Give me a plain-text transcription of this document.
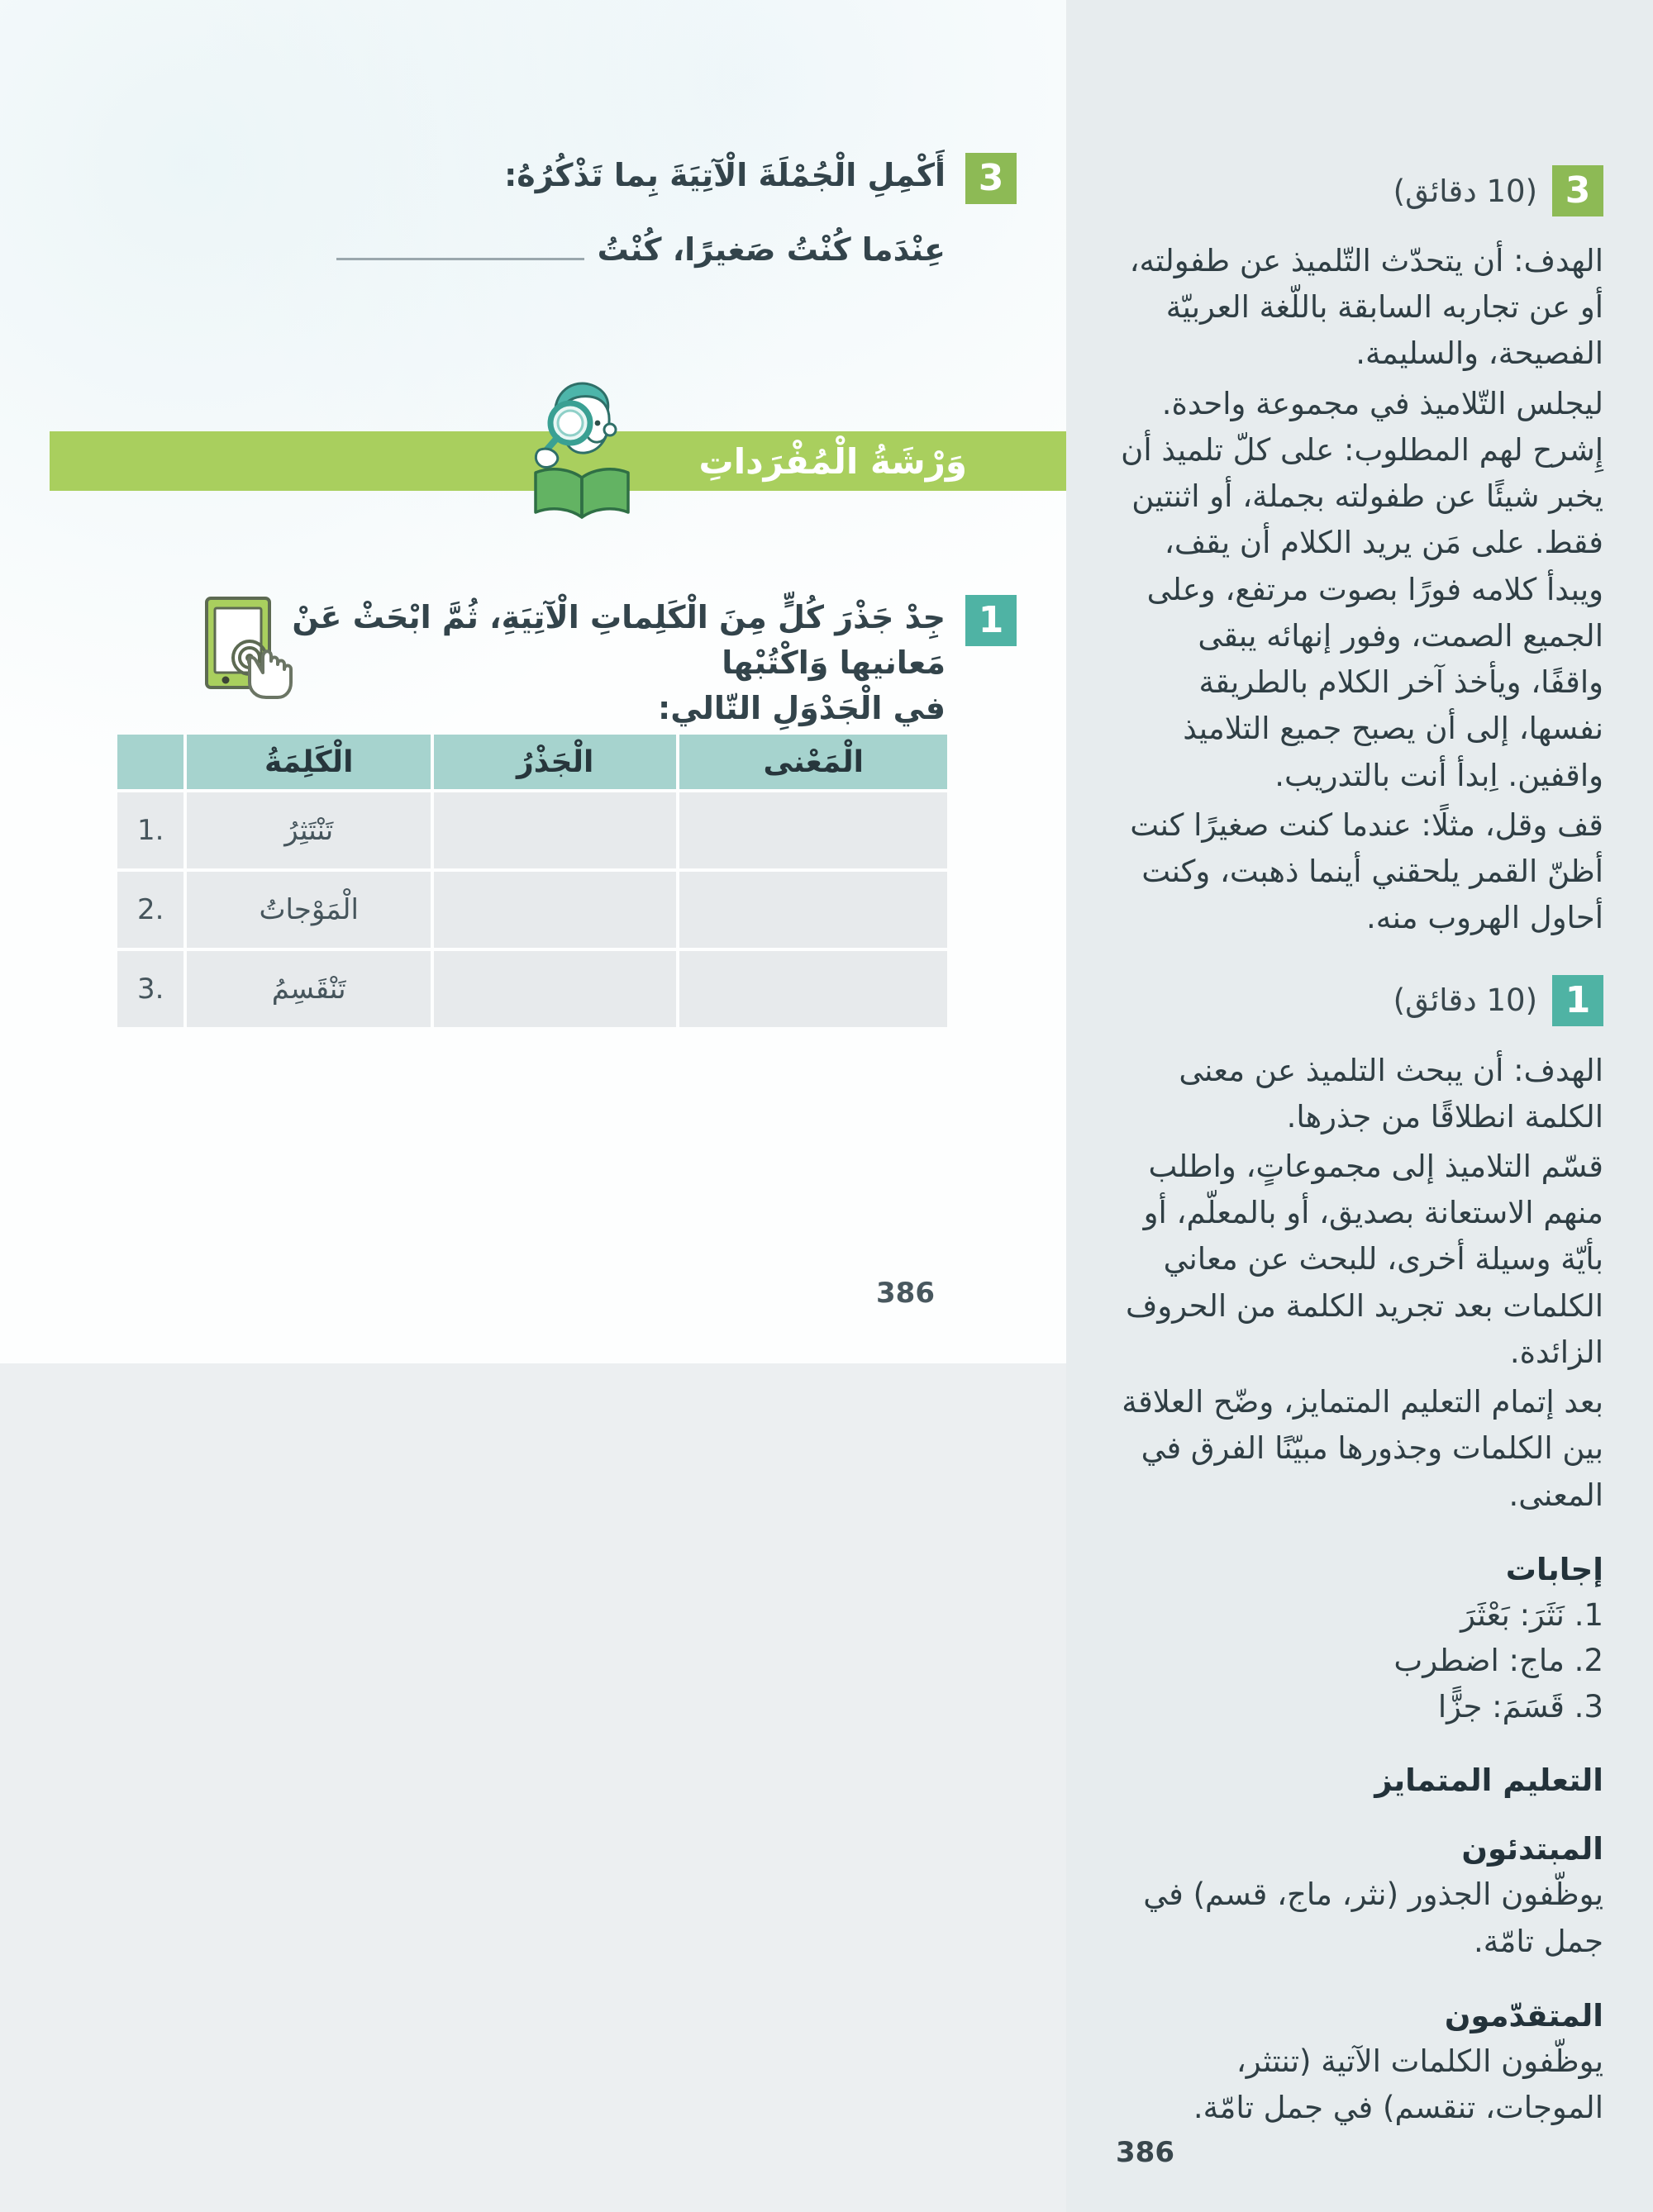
3
(10 دقائق)

الهدف: أن يتحدّث التّلميذ عن طفولته، أو عن تجاربه السابقة باللّغة العربيّة الفصيحة، والسليمة.

ليجلس التّلاميذ في مجموعة واحدة. إِشرح لهم المطلوب: على كلّ تلميذ أن يخبر شيئًا عن طفولته بجملة، أو اثنتين فقط. على مَن يريد الكلام أن يقف، ويبدأ كلامه فورًا بصوت مرتفع، وعلى الجميع الصمت، وفور إنهائه يبقى واقفًا، ويأخذ آخر الكلام بالطريقة نفسها، إلى أن يصبح جميع التلاميذ واقفين. اِبدأ أنت بالتدريب.

قف وقل، مثلًا: عندما كنت صغيرًا كنت أظنّ القمر يلحقني أينما ذهبت، وكنت أحاول الهروب منه.

1
(10 دقائق)

الهدف: أن يبحث التلميذ عن معنى الكلمة انطلاقًا من جذرها.

قسّم التلاميذ إلى مجموعاتٍ، واطلب منهم الاستعانة بصديق، أو بالمعلّم، أو بأيّة وسيلة أخرى، للبحث عن معاني الكلمات بعد تجريد الكلمة من الحروف الزائدة.

بعد إتمام التعليم المتمايز، وضّح العلاقة بين الكلمات وجذورها مبيّنًا الفرق في المعنى.

إجابات
1. نَثَرَ: بَعْثَرَ
2. ماج: اضطرب
3. قَسَمَ: جزًّا
التعليم المتمايز
المبتدئون

يوظّفون الجذور (نثر، ماج، قسم) في جمل تامّة.

المتقدّمون

يوظّفون الكلمات الآتية (تنتثر، الموجات، تنقسم) في جمل تامّة.

386
3
أَكْمِلِ الْجُمْلَةَ الْآتِيَةَ بِما تَذْكُرُهُ:
عِنْدَما كُنْتُ صَغيرًا، كُنْتُ
وَرْشَةُ الْمُفْرَداتِ
1
جِدْ جَذْرَ كُلٍّ مِنَ الْكَلِماتِ الْآتِيَةِ، ثُمَّ ابْحَثْ عَنْ مَعانيها وَاكْتُبْها
في الْجَدْوَلِ التّالي:
الْمَعْنى	الْجَذْرُ	الْكَلِمَةُ	
		تَنْتَثِرُ	.1
		الْمَوْجاتُ	.2
		تَنْقَسِمُ	.3
386
